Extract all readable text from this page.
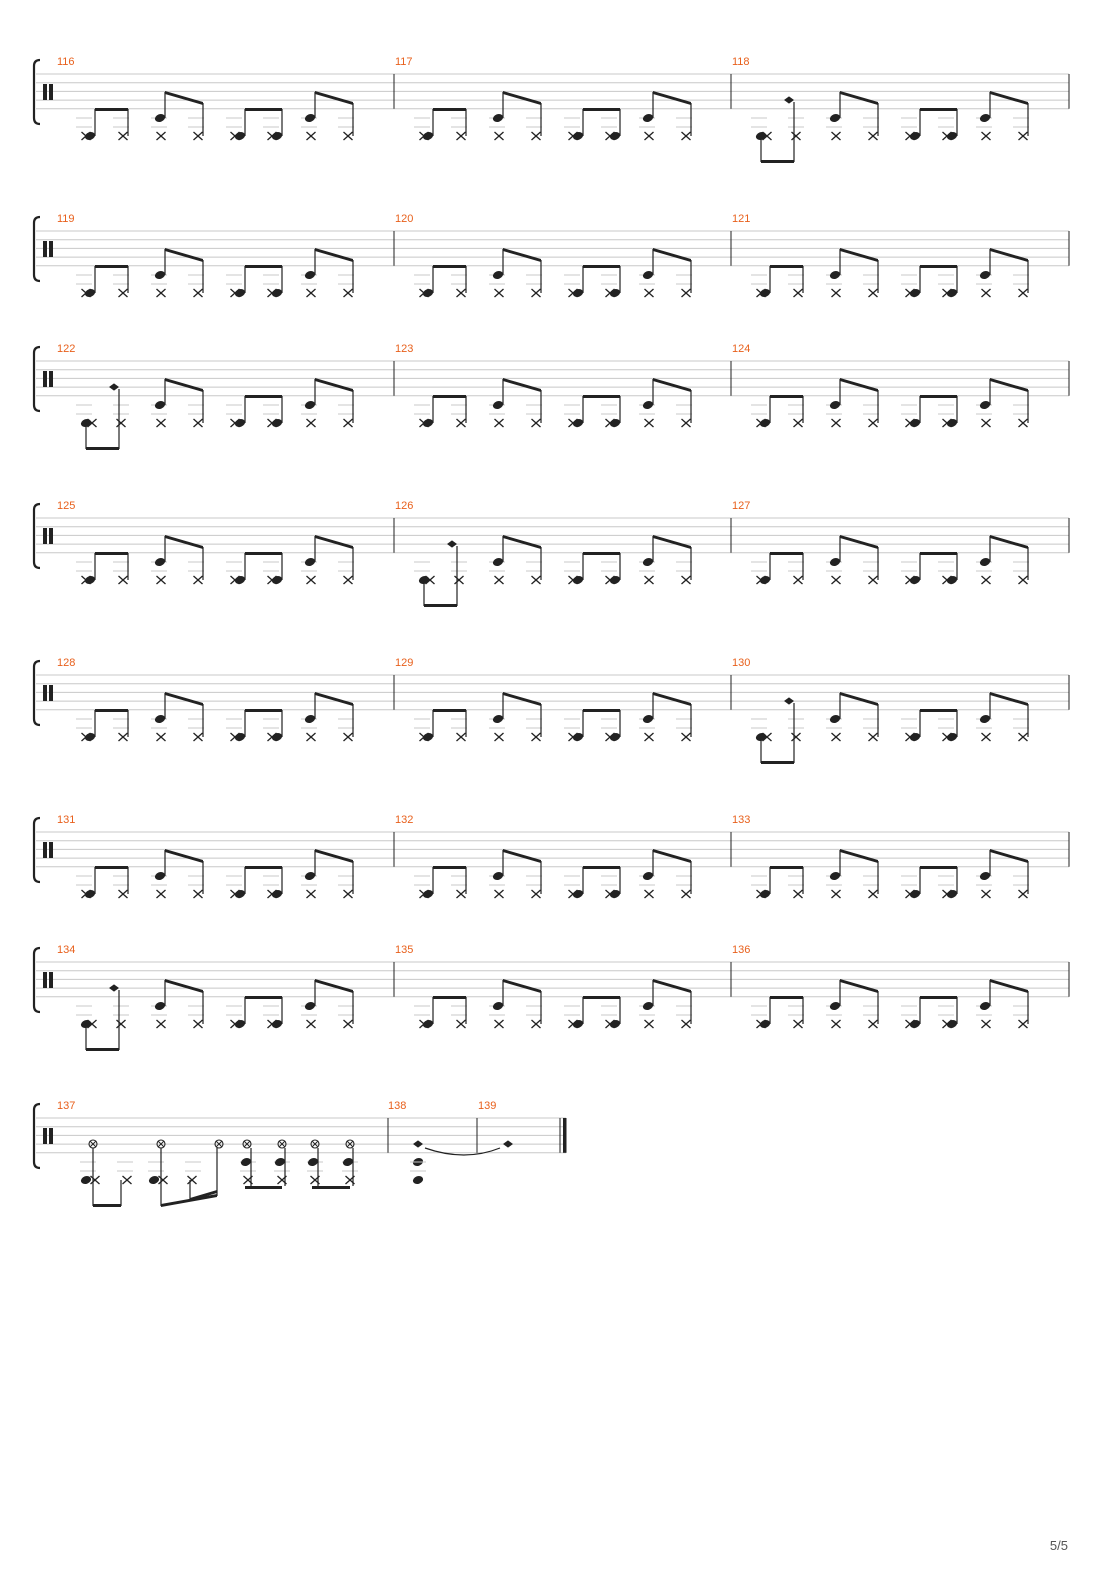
116	117	118
119	120	121
122	123	124
125	126	127
128	129	130
131	132	133
134	135	136
137	138	139
5/5
